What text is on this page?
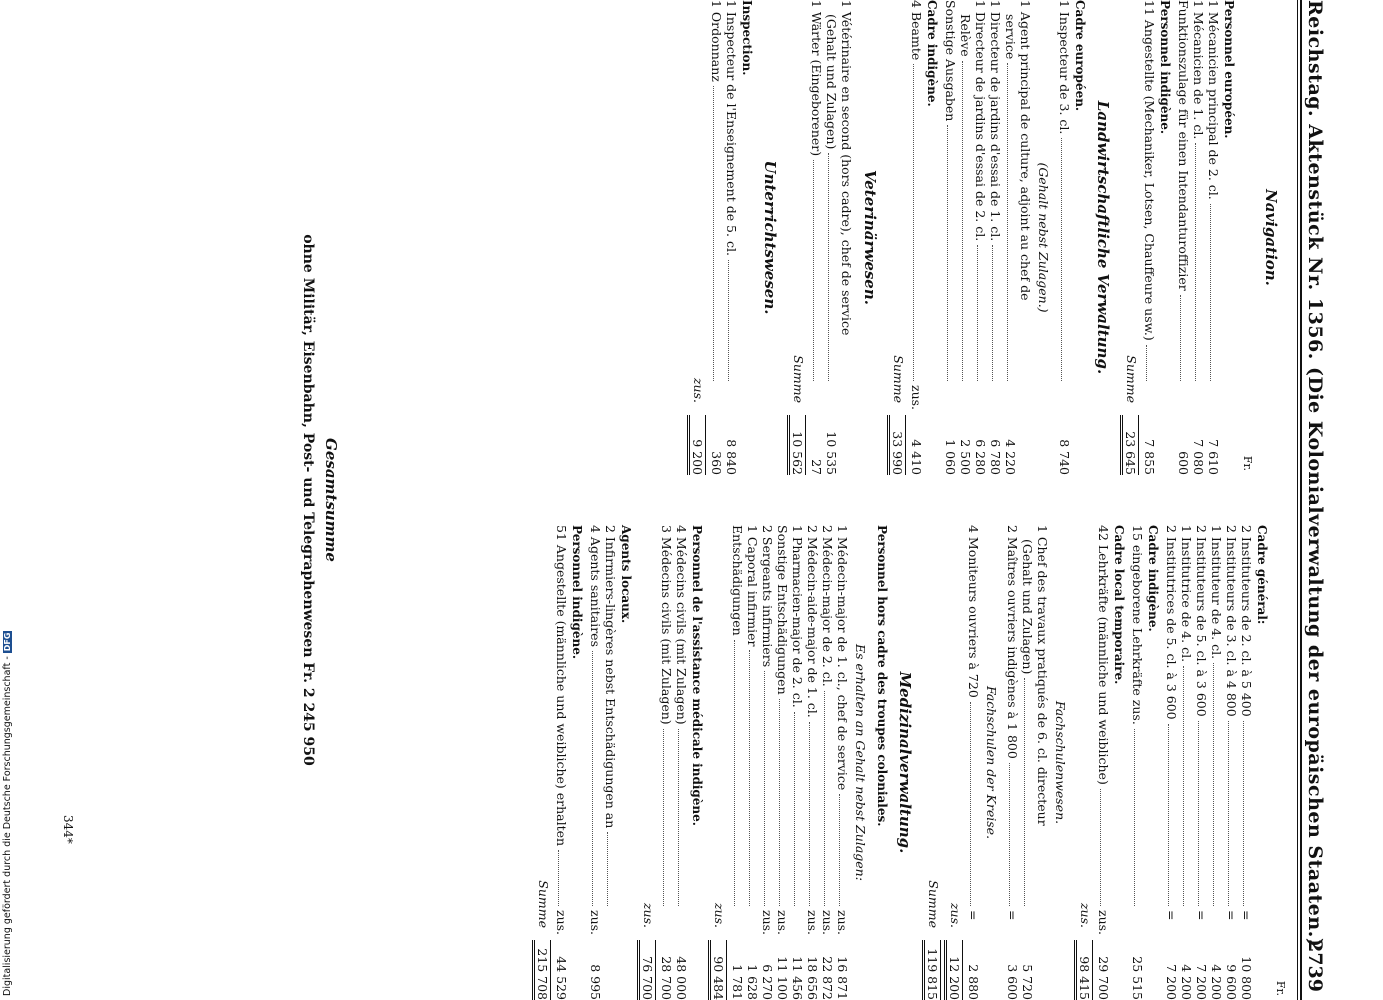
Reichstag. Aktenstück Nr. 1356. (Die Kolonialverwaltung der europäischen Staaten.)
2739
Navigation.
Fr.
Personnel européen.
1 Mécanicien principal de 2. cl.
7 610
1 Mécanicien de 1. cl.
7 080
Funktionszulage für einen Intendanturoffizier
600
Personnel indigène.
11 Angestellte (Mechaniker, Lotsen, Chauffeure usw.)
7 855
Summe
23 645
Landwirtschaftliche Verwaltung.
Cadre européen.
1 Inspecteur de 3. cl.
8 740
(Gehalt nebst Zulagen.)
1 Agent principal de culture, adjoint au chef de
service
4 220
1 Directeur de jardins d'essai de 1. cl.
6 780
1 Directeur de jardins d'essai de 2. cl.
6 280
Relève
2 500
Sonstige Ausgaben
1 060
Cadre indigène.
4 Beamte
zus.
4 410
Summe
33 990
Veterinärwesen.
1 Vétérinaire en second (hors cadre), chef de service
(Gehalt und Zulagen)
10 535
1 Wärter (Eingeborener)
27
Summe
10 562
Unterrichtswesen.
Inspection.
1 Inspecteur de l'Enseignement de 5. cl.
8 840
1 Ordonnanz
360
zus.
9 200
Fr.
Cadre général:
2 Instituteurs de 2. cl. à 5 400
=
10 800
2 Instituteurs de 3. cl. à 4 800
=
9 600
1 Instituteur de 4. cl.
4 200
2 Instituteurs de 5. cl. à 3 600
=
7 200
1 Institutrice de 4. cl.
4 200
2 Institutrices de 5. cl. à 3 600
=
7 200
Cadre indigène.
15 eingeborene Lehrkräfte zus.
25 515
Cadre local temporaire.
42 Lehrkräfte (männliche und weibliche)
zus.
29 700
zus.
98 415
Fachschulenwesen.
1 Chef des travaux pratiqués de 6. cl. directeur
(Gehalt und Zulagen)
5 720
2 Maîtres ouvriers indigènes à 1 800
=
3 600
Fachschulen der Kreise.
4 Moniteurs ouvriers à 720
=
2 880
zus.
12 200
Summe
119 815
Medizinalverwaltung.
Personnel hors cadre des troupes coloniales.
Es erhalten an Gehalt nebst Zulagen:
1 Médecin-major de 1. cl., chef de service
zus.
16 871
2 Médecin-major de 2. cl.
zus.
22 872
2 Médecin-aide-major de 1. cl.
zus.
18 656
1 Pharmacien-major de 2. cl.
11 456
Sonstige Entschädigungen
zus.
11 100
2 Sergeants infirmiers
zus.
6 270
1 Caporal infirmier
1 628
Entschädigungen
1 781
zus.
90 484
Personnel de l'assistance médicale indigène.
4 Médecins civils (mit Zulagen)
48 000
3 Médecins civils (mit Zulagen)
28 700
zus.
76 700
Agents locaux.
2 Infirmiers-lingères nebst Entschädigungen an
4 Agents sanitaires
zus.
8 995
Personnel indigène.
51 Angestellte (männliche und weibliche) erhalten
zus.
44 529
Summe
215 708
Gesamtsumme
ohne Militär, Eisenbahn, Post- und Telegraphenwesen Fr. 2 245 950
344*
Digitalisierung gefördert durch die Deutsche Forschungsgemeinschaft -DFG
